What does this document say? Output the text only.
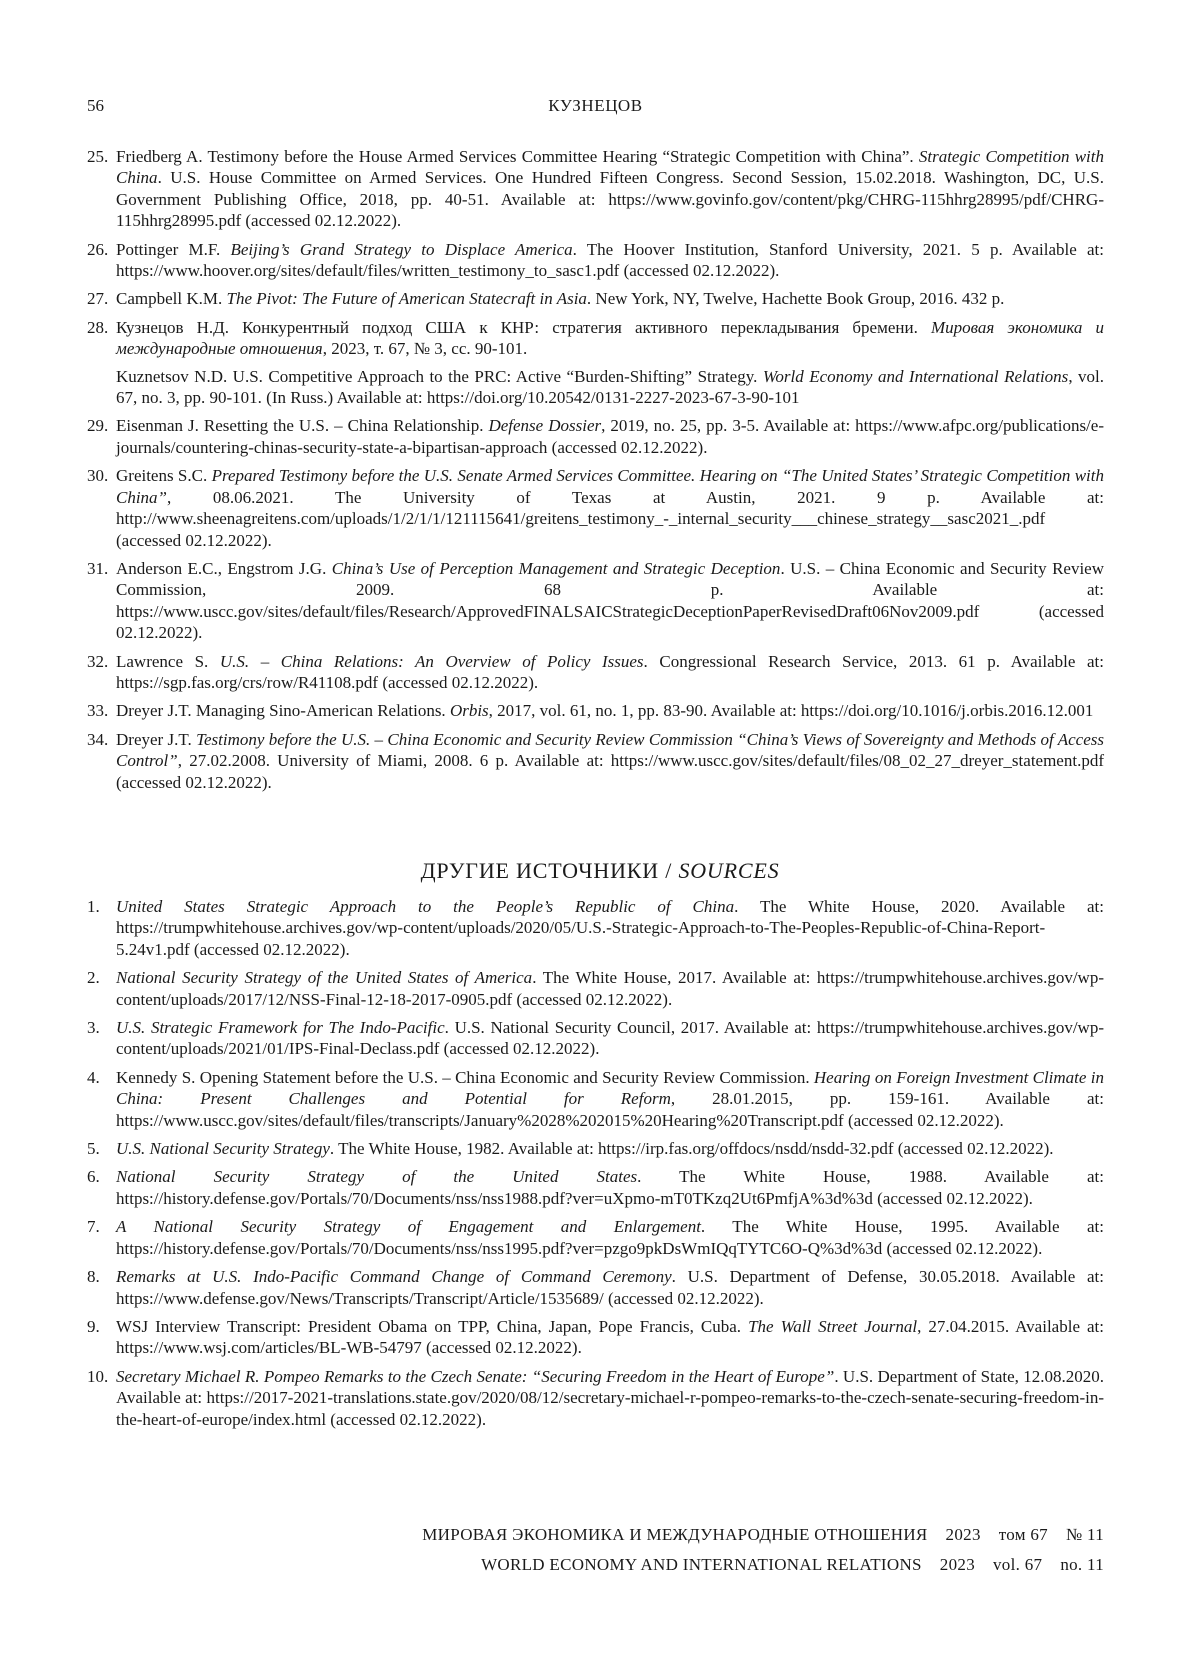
56	КУЗНЕЦОВ
25. Friedberg A. Testimony before the House Armed Services Committee Hearing “Strategic Competition with China”. Strategic Competition with China. U.S. House Committee on Armed Services. One Hundred Fifteen Congress. Second Session, 15.02.2018. Washington, DC, U.S. Government Publishing Office, 2018, pp. 40-51. Available at: https://www.govinfo.gov/content/pkg/CHRG-115hhrg28995/pdf/CHRG-115hhrg28995.pdf (accessed 02.12.2022).
26. Pottinger M.F. Beijing’s Grand Strategy to Displace America. The Hoover Institution, Stanford University, 2021. 5 p. Available at: https://www.hoover.org/sites/default/files/written_testimony_to_sasc1.pdf (accessed 02.12.2022).
27. Campbell K.M. The Pivot: The Future of American Statecraft in Asia. New York, NY, Twelve, Hachette Book Group, 2016. 432 p.
28. Кузнецов Н.Д. Конкурентный подход США к КНР: стратегия активного перекладывания бремени. Мировая экономика и международные отношения, 2023, т. 67, № 3, сс. 90-101.
Kuznetsov N.D. U.S. Competitive Approach to the PRC: Active “Burden-Shifting” Strategy. World Economy and International Relations, vol. 67, no. 3, pp. 90-101. (In Russ.) Available at: https://doi.org/10.20542/0131-2227-2023-67-3-90-101
29. Eisenman J. Resetting the U.S. – China Relationship. Defense Dossier, 2019, no. 25, pp. 3-5. Available at: https://www.afpc.org/publications/e-journals/countering-chinas-security-state-a-bipartisan-approach (accessed 02.12.2022).
30. Greitens S.C. Prepared Testimony before the U.S. Senate Armed Services Committee. Hearing on “The United States’ Strategic Competition with China”, 08.06.2021. The University of Texas at Austin, 2021. 9 p. Available at: http://www.sheenagreitens.com/uploads/1/2/1/1/121115641/greitens_testimony_-_internal_security___chinese_strategy__sasc2021_.pdf (accessed 02.12.2022).
31. Anderson E.C., Engstrom J.G. China’s Use of Perception Management and Strategic Deception. U.S. – China Economic and Security Review Commission, 2009. 68 p. Available at: https://www.uscc.gov/sites/default/files/Research/ApprovedFINALSAICStrategicDeceptionPaperRevisedDraft06Nov2009.pdf (accessed 02.12.2022).
32. Lawrence S. U.S. – China Relations: An Overview of Policy Issues. Congressional Research Service, 2013. 61 p. Available at: https://sgp.fas.org/crs/row/R41108.pdf (accessed 02.12.2022).
33. Dreyer J.T. Managing Sino-American Relations. Orbis, 2017, vol. 61, no. 1, pp. 83-90. Available at: https://doi.org/10.1016/j.orbis.2016.12.001
34. Dreyer J.T. Testimony before the U.S. – China Economic and Security Review Commission “China’s Views of Sovereignty and Methods of Access Control”, 27.02.2008. University of Miami, 2008. 6 p. Available at: https://www.uscc.gov/sites/default/files/08_02_27_dreyer_statement.pdf (accessed 02.12.2022).
ДРУГИЕ ИСТОЧНИКИ / SOURCES
1. United States Strategic Approach to the People’s Republic of China. The White House, 2020. Available at: https://trumpwhitehouse.archives.gov/wp-content/uploads/2020/05/U.S.-Strategic-Approach-to-The-Peoples-Republic-of-China-Report-5.24v1.pdf (accessed 02.12.2022).
2. National Security Strategy of the United States of America. The White House, 2017. Available at: https://trumpwhitehouse.archives.gov/wp-content/uploads/2017/12/NSS-Final-12-18-2017-0905.pdf (accessed 02.12.2022).
3. U.S. Strategic Framework for The Indo-Pacific. U.S. National Security Council, 2017. Available at: https://trumpwhitehouse.archives.gov/wp-content/uploads/2021/01/IPS-Final-Declass.pdf (accessed 02.12.2022).
4. Kennedy S. Opening Statement before the U.S. – China Economic and Security Review Commission. Hearing on Foreign Investment Climate in China: Present Challenges and Potential for Reform, 28.01.2015, pp. 159-161. Available at: https://www.uscc.gov/sites/default/files/transcripts/January%2028%202015%20Hearing%20Transcript.pdf (accessed 02.12.2022).
5. U.S. National Security Strategy. The White House, 1982. Available at: https://irp.fas.org/offdocs/nsdd/nsdd-32.pdf (accessed 02.12.2022).
6. National Security Strategy of the United States. The White House, 1988. Available at: https://history.defense.gov/Portals/70/Documents/nss/nss1988.pdf?ver=uXpmo-mT0TKzq2Ut6PmfjA%3d%3d (accessed 02.12.2022).
7. A National Security Strategy of Engagement and Enlargement. The White House, 1995. Available at: https://history.defense.gov/Portals/70/Documents/nss/nss1995.pdf?ver=pzgo9pkDsWmIQqTYTC6O-Q%3d%3d (accessed 02.12.2022).
8. Remarks at U.S. Indo-Pacific Command Change of Command Ceremony. U.S. Department of Defense, 30.05.2018. Available at: https://www.defense.gov/News/Transcripts/Transcript/Article/1535689/ (accessed 02.12.2022).
9. WSJ Interview Transcript: President Obama on TPP, China, Japan, Pope Francis, Cuba. The Wall Street Journal, 27.04.2015. Available at: https://www.wsj.com/articles/BL-WB-54797 (accessed 02.12.2022).
10. Secretary Michael R. Pompeo Remarks to the Czech Senate: “Securing Freedom in the Heart of Europe”. U.S. Department of State, 12.08.2020. Available at: https://2017-2021-translations.state.gov/2020/08/12/secretary-michael-r-pompeo-remarks-to-the-czech-senate-securing-freedom-in-the-heart-of-europe/index.html (accessed 02.12.2022).
МИРОВАЯ ЭКОНОМИКА И МЕЖДУНАРОДНЫЕ ОТНОШЕНИЯ 2023 том 67 № 11
WORLD ECONOMY AND INTERNATIONAL RELATIONS 2023 vol. 67 no. 11
